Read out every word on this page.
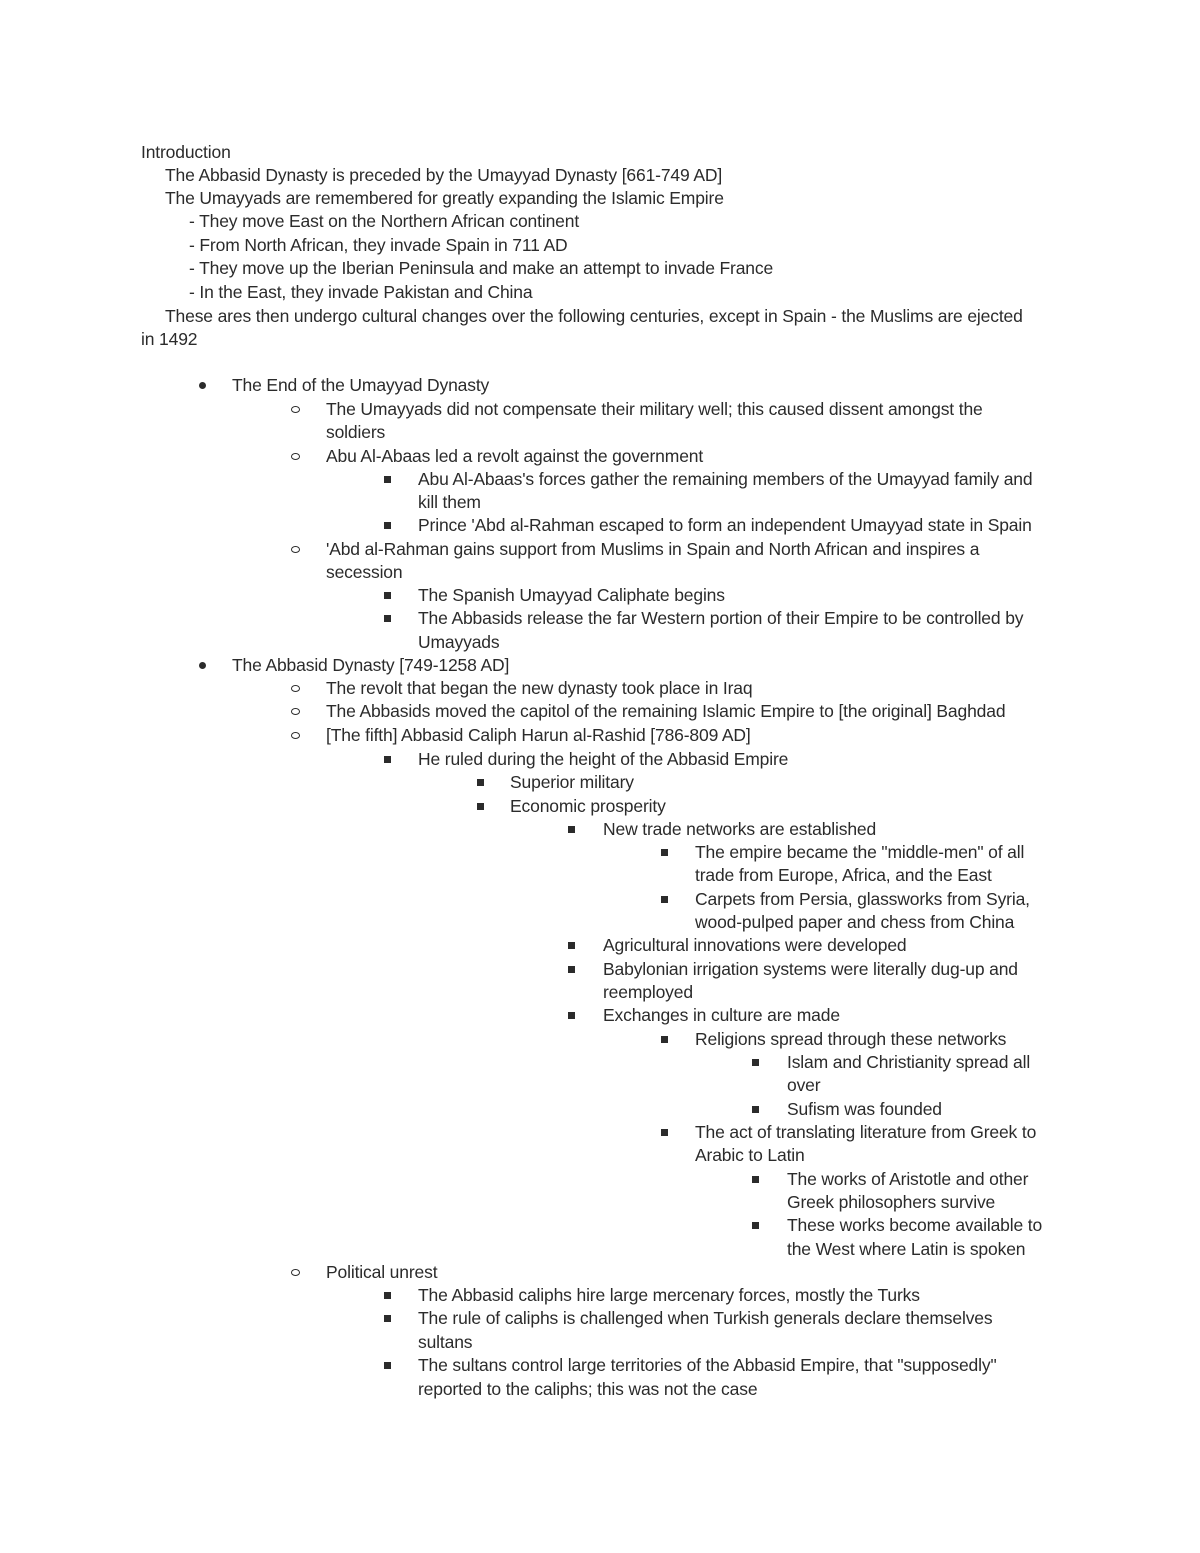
Introduction
The Abbasid Dynasty is preceded by the Umayyad Dynasty [661-749 AD]
The Umayyads are remembered for greatly expanding the Islamic Empire
- They move East on the Northern African continent
- From North African, they invade Spain in 711 AD
- They move up the Iberian Peninsula and make an attempt to invade France
- In the East, they invade Pakistan and China
These ares then undergo cultural changes over the following centuries, except in Spain - the Muslims are ejected
in 1492
The End of the Umayyad Dynasty
The Umayyads did not compensate their military well; this caused dissent amongst the
soldiers
Abu Al-Abaas led a revolt against the government
Abu Al-Abaas's forces gather the remaining members of the Umayyad family and
kill them
Prince 'Abd al-Rahman escaped to form an independent Umayyad state in Spain
'Abd al-Rahman gains support from Muslims in Spain and North African and inspires a
secession
The Spanish Umayyad Caliphate begins
The Abbasids release the far Western portion of their Empire to be controlled by
Umayyads
The Abbasid Dynasty [749-1258 AD]
The revolt that began the new dynasty took place in Iraq
The Abbasids moved the capitol of the remaining Islamic Empire to [the original] Baghdad
[The fifth] Abbasid Caliph Harun al-Rashid [786-809 AD]
He ruled during the height of the Abbasid Empire
Superior military
Economic prosperity
New trade networks are established
The empire became the "middle-men" of all
trade from Europe, Africa, and the East
Carpets from Persia, glassworks from Syria,
wood-pulped paper and chess from China
Agricultural innovations were developed
Babylonian irrigation systems were literally dug-up and
reemployed
Exchanges in culture are made
Religions spread through these networks
Islam and Christianity spread all
over
Sufism was founded
The act of translating literature from Greek to
Arabic to Latin
The works of Aristotle and other
Greek philosophers survive
These works become available to
the West where Latin is spoken
Political unrest
The Abbasid caliphs hire large mercenary forces, mostly the Turks
The rule of caliphs is challenged when Turkish generals declare themselves
sultans
The sultans control large territories of the Abbasid Empire, that "supposedly"
reported to the caliphs; this was not the case
